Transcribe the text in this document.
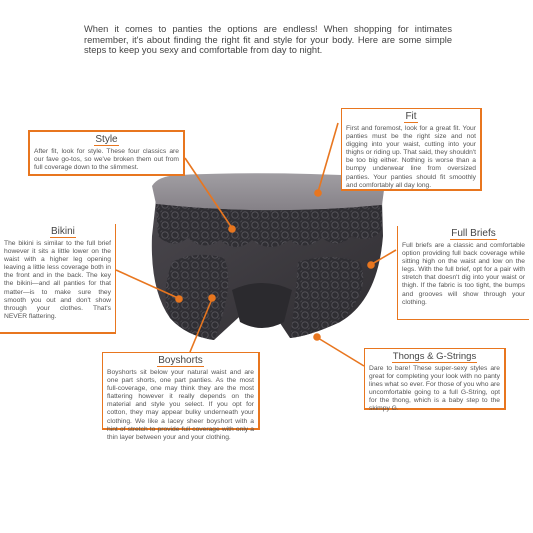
When it comes to panties the options are endless! When shopping for intimates remember, it's about finding the right fit and style for your body. Here are some simple steps to keep you sexy and comfortable from day to night.

Fit

First and foremost, look for a great fit. Your panties must be the right size and not digging into your waist, cutting into your thighs or riding up. That said, they shouldn't be too big either. Nothing is worse than a bumpy underwear line from oversized panties. Your panties should fit smoothly and comfortably all day long.

Style

After fit, look for style. These four classics are our fave go-tos, so we've broken them out from full coverage down to the slimmest.

Bikini

The bikini is similar to the full brief however it sits a little lower on the waist with a higher leg opening leaving a little less coverage both in the front and in the back. The key the bikini—and all panties for that matter—is to make sure they smooth you out and don't show through your clothes. That's NEVER flattering.

Full Briefs

Full briefs are a classic and comfortable option providing full back coverage while sitting high on the waist and low on the legs. With the full brief, opt for a pair with stretch that doesn't dig into your waist or thigh. If the fabric is too tight, the bumps and grooves will show through your clothing.

Boyshorts

Boyshorts sit below your natural waist and are one part shorts, one part panties. As the most full-coverage, one may think they are the most flattering however it really depends on the material and style you select. If you opt for cotton, they may appear bulky underneath your clothing. We like a lacey sheer boyshort with a hint of stretch to provide full coverage with only a thin layer between your and your clothing.

Thongs & G-Strings

Dare to bare! These super-sexy styles are great for completing your look with no panty lines what so ever. For those of you who are uncomfortable going to a full G-String, opt for the thong, which is a baby step to the skimpy G.
